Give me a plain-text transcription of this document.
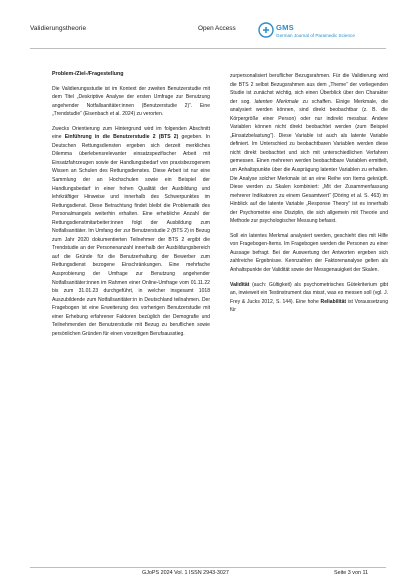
Validierungstheorie	Open Access	GMS
German Journal of Paramedic Science
Problem-/Ziel-/Fragestellung

Die Validierungsstudie ist im Kontext der zweiten Benutzerstudie mit dem Titel „Deskriptive Analyse der ersten Umfrage zur Benutzung angehender Notfallsanitäter:innen (Benutzerstudie 2)“. Eine „Trendstudie“ (Eisenbach et al. 2024) zu verorten.

Zwecks Orientierung zum Hintergrund wird im folgenden Abschnitt eine Einführung in die Benutzerstudie 2 (BTS 2) gegeben. In Deutschen Rettungsdiensten ergeben sich derzeit merkliches Dilemma überlebensrelevanter einsatzspezifischer Arbeit mit Einsatzfahrzeugen sowie der Handlungsbedarf von praxisbezogenem Wissen an Schulen des Rettungsdienstes. Diese Arbeit ist nur eine Sammlung der an Hochschulen sowie ein Beispiel der Handlungsbedarf in einer hohen Qualität der Ausbildung und lehrkräftiger Hinweise und innerhalb des Schwerpunktes im Rettungsdienst. Diese Betrachtung findet bleibt die Problematik des Personalmangels weiterhin erhalten. Eine erhebliche Anzahl der Rettungsdienstmitarbeiter:innen folgt der Ausbildung zum Notfallsanitäter. Im Umfang der zur Benutzerstudie 2 (BTS 2) in Bezug zum Jahr 2020 dokumentierten Teilnehmer der BTS 2 ergibt die Trendstudie an der Personenanzahl innerhalb der Ausbildungsbereich auf die Gründe für die Benutzerhaltung der Bewerber zum Rettungsdienst bezogene Einschränkungen. Eine mehrfache Ausprobierung der Umfrage zur Benutzung angehender Notfallsanitäter:innen im Rahmen einer Online-Umfrage vom 01.11.22 bis zum 31.01.23 durchgeführt, in welcher insgesamt 1018 Auszubildende zum Notfallsanitäter:in in Deutschland teilnahmen. Der Fragebogen ist eine Erweiterung des vorherigen Benutzerstudie mit einer Erhebung erfahrener Faktoren bezüglich der Demografie und Teilnehmenden der Benutzerstudie mit Bezug zu beruflichen sowie persönlichen Gründen für einen vorzeitigen Berufsausstieg.

zurpersonalisiert beruflicher Bezugsrahmen. Für die Validierung wird die BTS 2 selbst Bezugsrahmen aus dem „Theme“ der vorliegenden Studie ist zunächst wichtig, sich einen Überblick über den Charakter der sog. latenten Merkmale zu schaffen. Einige Merkmale, die analysiert werden können, sind direkt beobachtbar (z. B. die Körpergröße einer Person) oder nur indirekt messbar. Andere Variablen können nicht direkt beobachtet werden (zum Beispiel „Einsatzbelastung“). Diese Variable ist auch als latente Variable definiert. Im Unterschied zu beobachtbaren Variablen werden diese nicht direkt beobachtet und sich mit unterschiedlichen Verfahren gemessen. Einen mehreren werden beobachtbare Variablen ermittelt, um Anhaltspunkte über die Ausprägung latenter Variablen zu erhalten. Die Analyse solcher Merkmale ist an eine Reihe von Items geknüpft. Diese werden zu Skalen kombiniert: „Mit der Zusammenfassung mehrerer Indikatoren zu einem Gesamtwert“ (Döring et al. S. 463) im Hinblick auf die latente Variable „Response Theory“ ist es innerhalb der Psychometrie eine Disziplin, die sich allgemein mit Theorie und Methode zur psychologischer Messung befasst.

Soll ein latentes Merkmal analysiert werden, geschieht dies mit Hilfe von Fragebogen-Items. Im Fragebogen werden die Personen zu einer Aussage befragt. Bei der Auswertung der Antworten ergeben sich zahlreiche Ergebnisse. Kennzahlen der Faktorenanalyse gelten als Anhaltspunkte der Validität sowie der Messgenauigkeit der Skalen.

Validität (auch: Gültigkeit) als psychometrisches Gütekriterium gibt an, inwieweit ein Testinstrument das misst, was es messen soll (vgl. J. Frey & Jucks 2012, S. 144). Eine hohe Reliabilität ist Voraussetzung für

GJoPS 2024 Vol. 1 ISSN 2943-3027	Seite 3 von 11
